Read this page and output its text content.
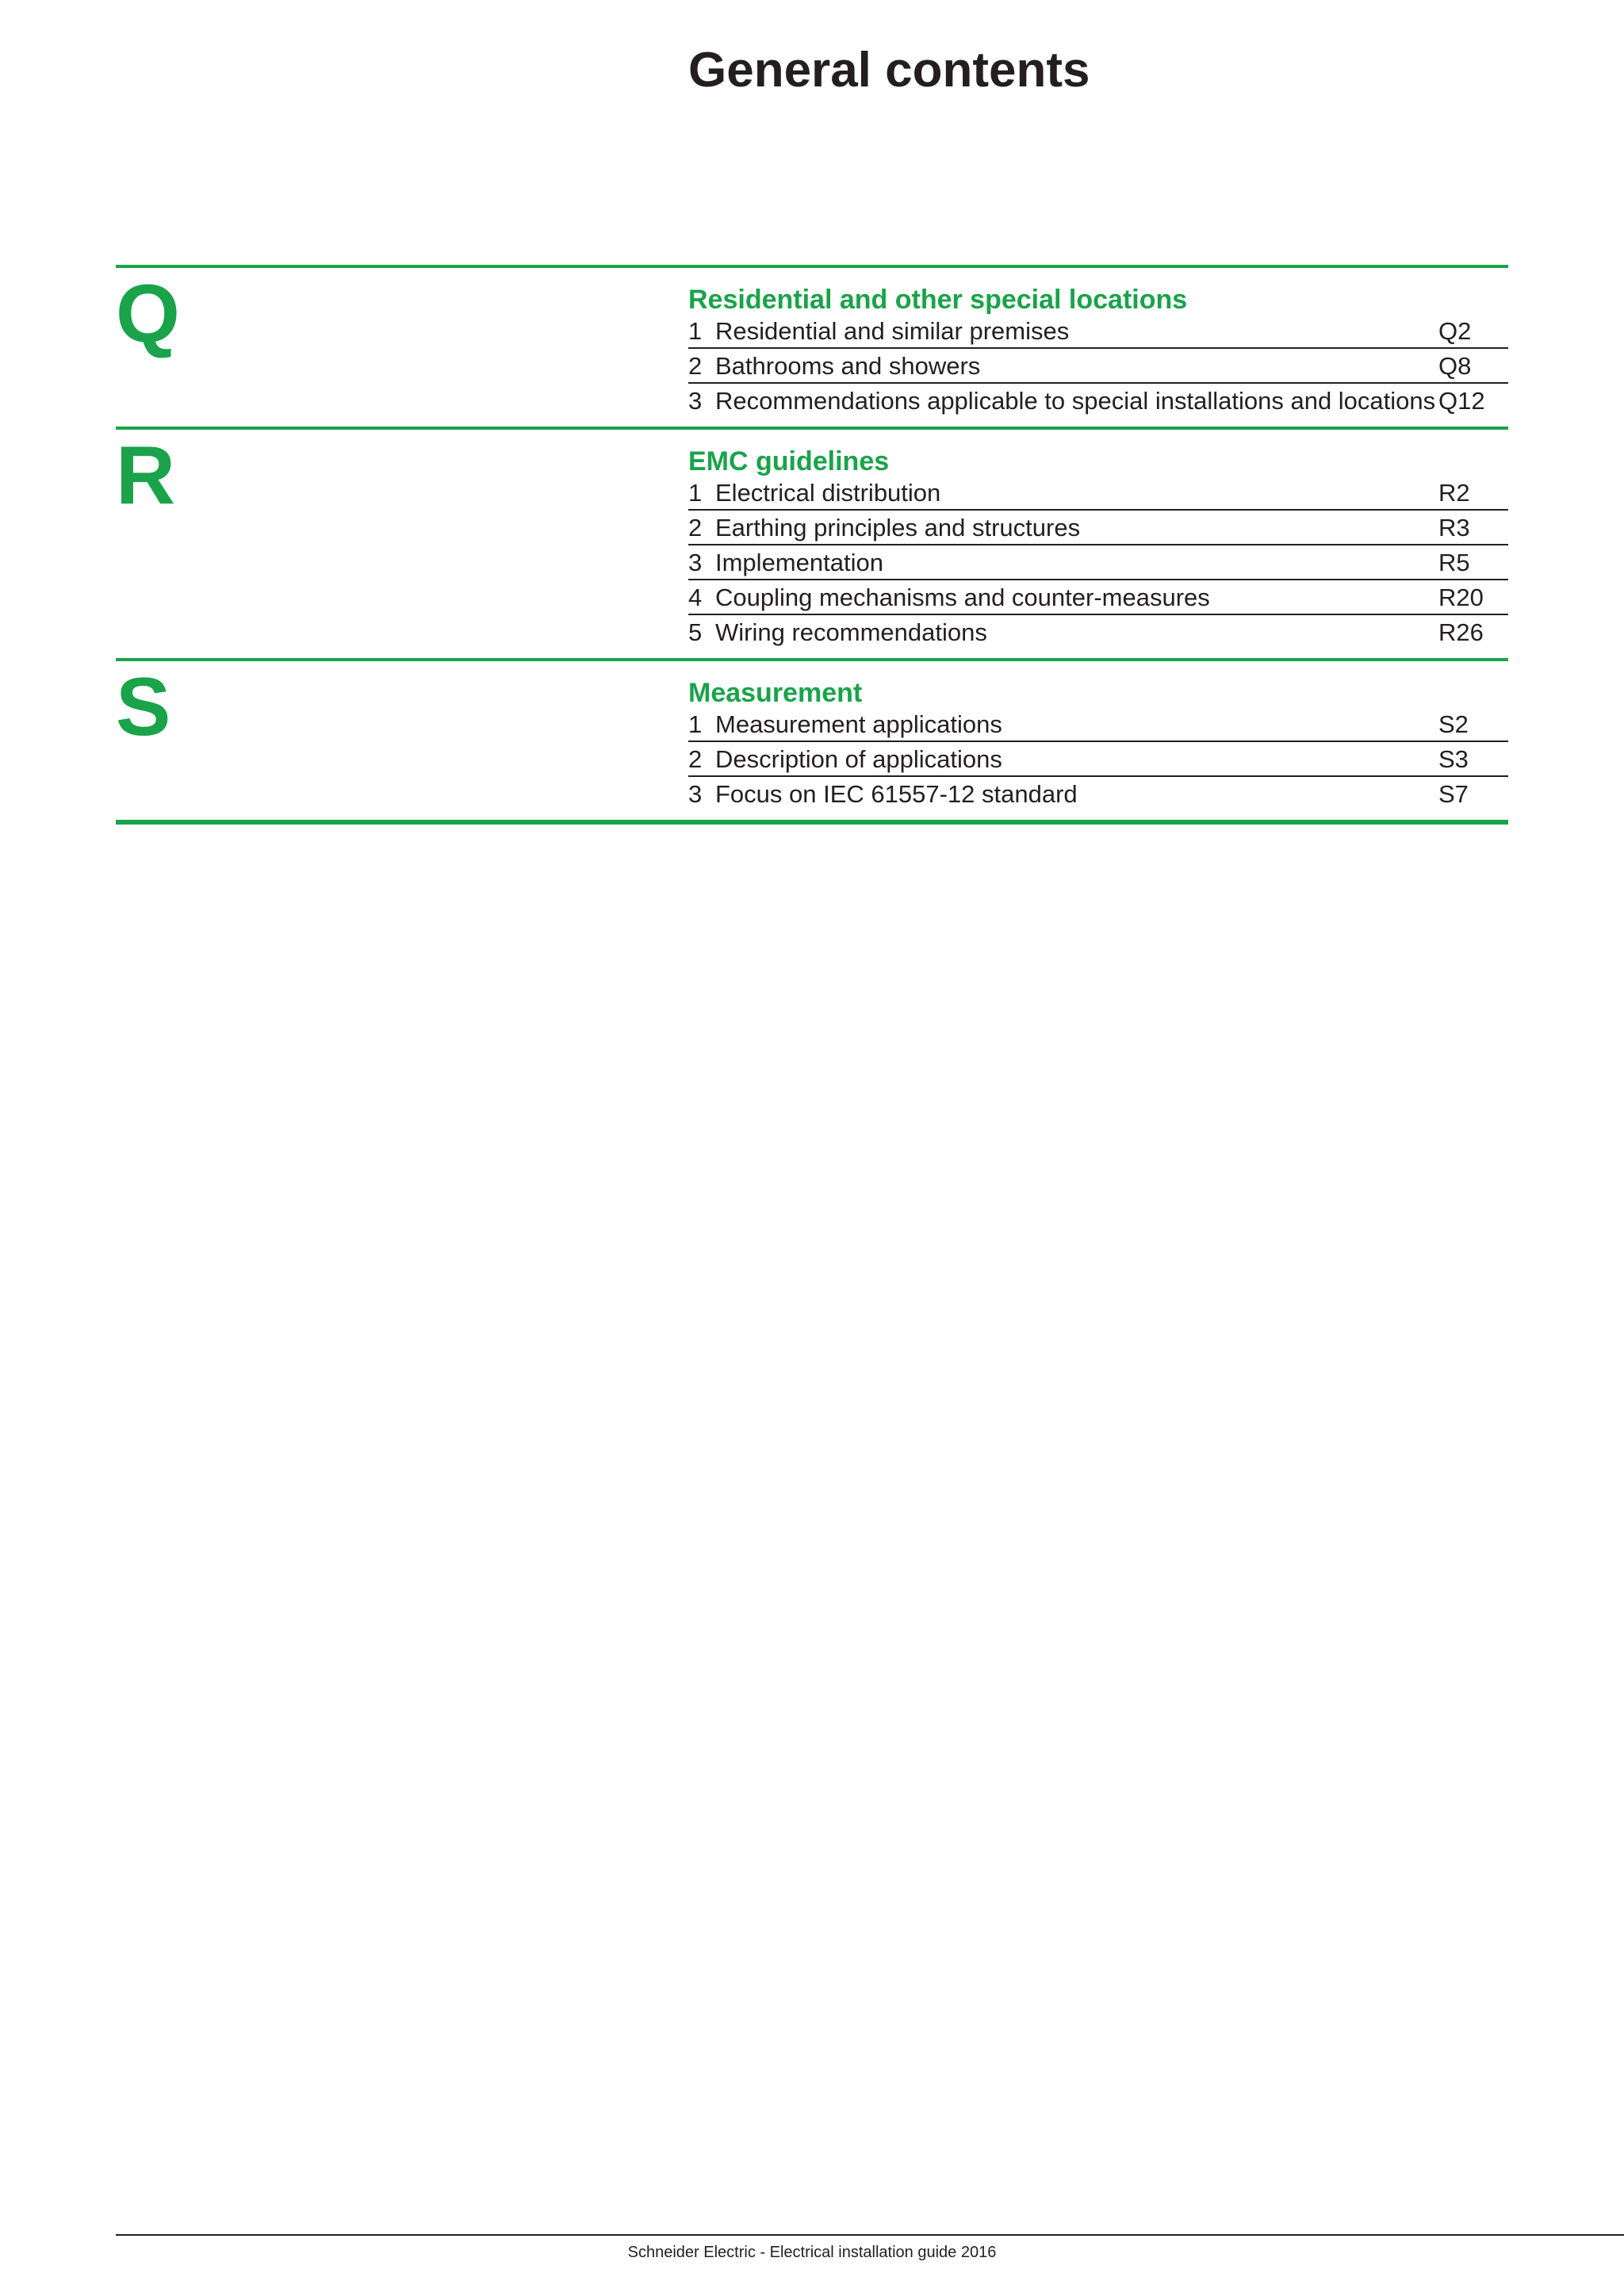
General contents
Q	Residential and other special locations
1 Residential and similar premises	Q2
2 Bathrooms and showers	Q8
3 Recommendations applicable to special installations and locations Q12
R	EMC guidelines
1 Electrical distribution	R2
2 Earthing principles and structures	R3
3 Implementation	R5
4 Coupling mechanisms and counter-measures	R20
5 Wiring recommendations	R26
S	Measurement
1 Measurement applications	S2
2 Description of applications	S3
3 Focus on IEC 61557-12 standard	S7
Schneider Electric - Electrical installation guide 2016
